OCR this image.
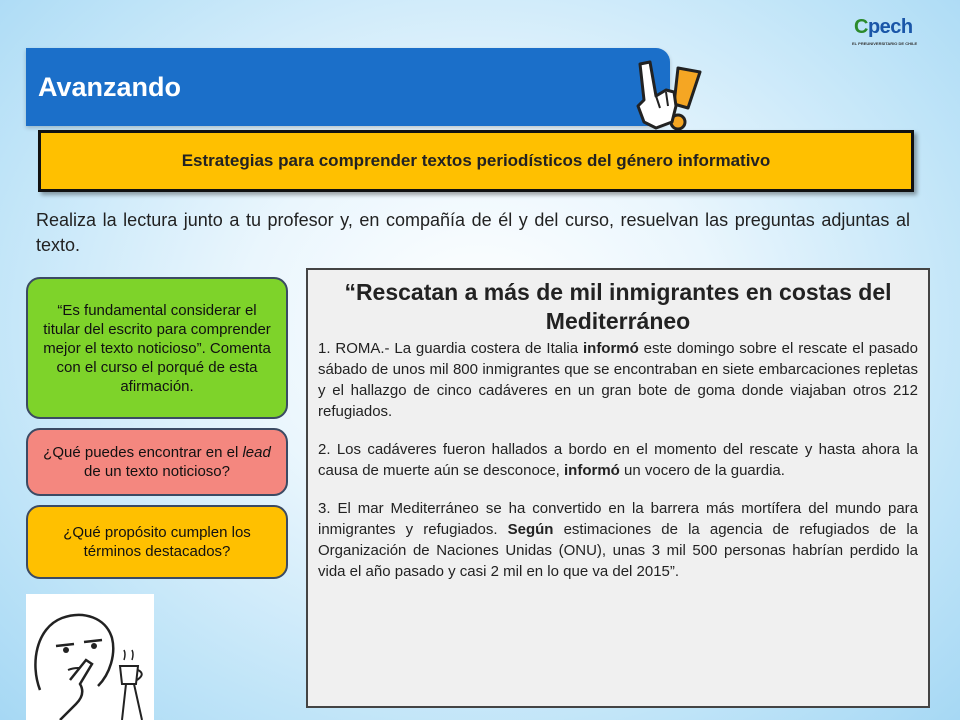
Cpech
EL PREUNIVERSITARIO DE CHILE
Avanzando
Estrategias para comprender textos periodísticos del género informativo
Realiza la lectura junto a tu profesor y, en compañía de él y del curso, resuelvan las preguntas adjuntas al texto.
“Es fundamental considerar el titular del escrito para comprender mejor el texto noticioso”. Comenta con el curso el porqué de esta afirmación.
¿Qué puedes encontrar en el lead de un texto noticioso?
¿Qué propósito cumplen los términos destacados?
“Rescatan a más de mil inmigrantes en costas del Mediterráneo

1. ROMA.- La guardia costera de Italia informó este domingo sobre el rescate el pasado sábado de unos mil 800 inmigrantes que se encontraban en siete embarcaciones repletas y el hallazgo de cinco cadáveres en un gran bote de goma donde viajaban otros 212 refugiados.

2. Los cadáveres fueron hallados a bordo en el momento del rescate y hasta ahora la causa de muerte aún se desconoce, informó un vocero de la guardia.

3. El mar Mediterráneo se ha convertido en la barrera más mortífera del mundo para inmigrantes y refugiados. Según estimaciones de la agencia de refugiados de la Organización de Naciones Unidas (ONU), unas 3 mil 500 personas habrían perdido la vida el año pasado y casi 2 mil en lo que va del 2015”.
